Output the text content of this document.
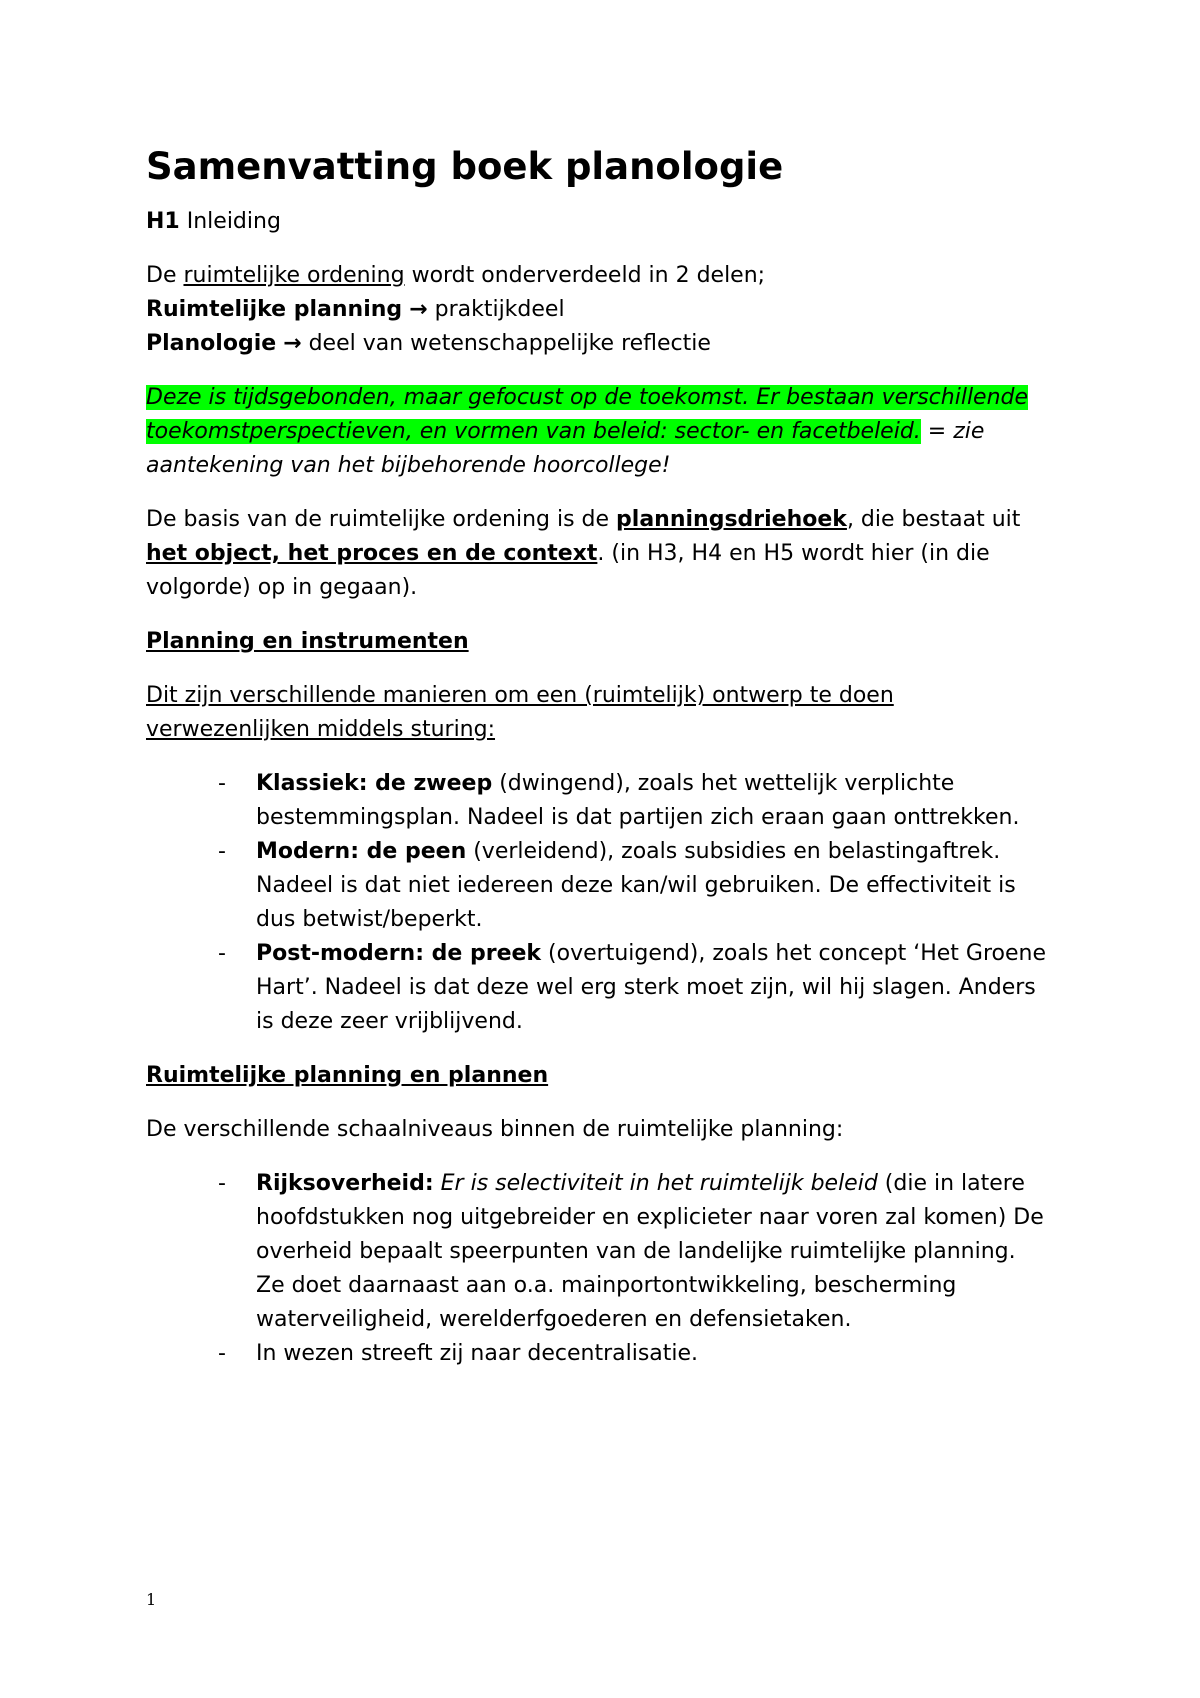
Samenvatting boek planologie

H1 Inleiding

De ruimtelijke ordening wordt onderverdeeld in 2 delen;

Ruimtelijke planning → praktijkdeel

Planologie → deel van wetenschappelijke reflectie

Deze is tijdsgebonden, maar gefocust op de toekomst. Er bestaan verschillende toekomstperspectieven, en vormen van beleid: sector- en facetbeleid. = zie aantekening van het bijbehorende hoorcollege!

De basis van de ruimtelijke ordening is de planningsdriehoek, die bestaat uit het object, het proces en de context. (in H3, H4 en H5 wordt hier (in die volgorde) op in gegaan).

Planning en instrumenten

Dit zijn verschillende manieren om een (ruimtelijk) ontwerp te doen verwezenlijken middels sturing:

- Klassiek: de zweep (dwingend), zoals het wettelijk verplichte bestemmingsplan. Nadeel is dat partijen zich eraan gaan onttrekken.
- Modern: de peen (verleidend), zoals subsidies en belastingaftrek. Nadeel is dat niet iedereen deze kan/wil gebruiken. De effectiviteit is dus betwist/beperkt.
- Post-modern: de preek (overtuigend), zoals het concept ‘Het Groene Hart’. Nadeel is dat deze wel erg sterk moet zijn, wil hij slagen. Anders is deze zeer vrijblijvend.

Ruimtelijke planning en plannen

De verschillende schaalniveaus binnen de ruimtelijke planning:

- Rijksoverheid: Er is selectiviteit in het ruimtelijk beleid (die in latere hoofdstukken nog uitgebreider en explicieter naar voren zal komen) De overheid bepaalt speerpunten van de landelijke ruimtelijke planning. Ze doet daarnaast aan o.a. mainportontwikkeling, bescherming waterveiligheid, werelderfgoederen en defensietaken.
- In wezen streeft zij naar decentralisatie.
1
